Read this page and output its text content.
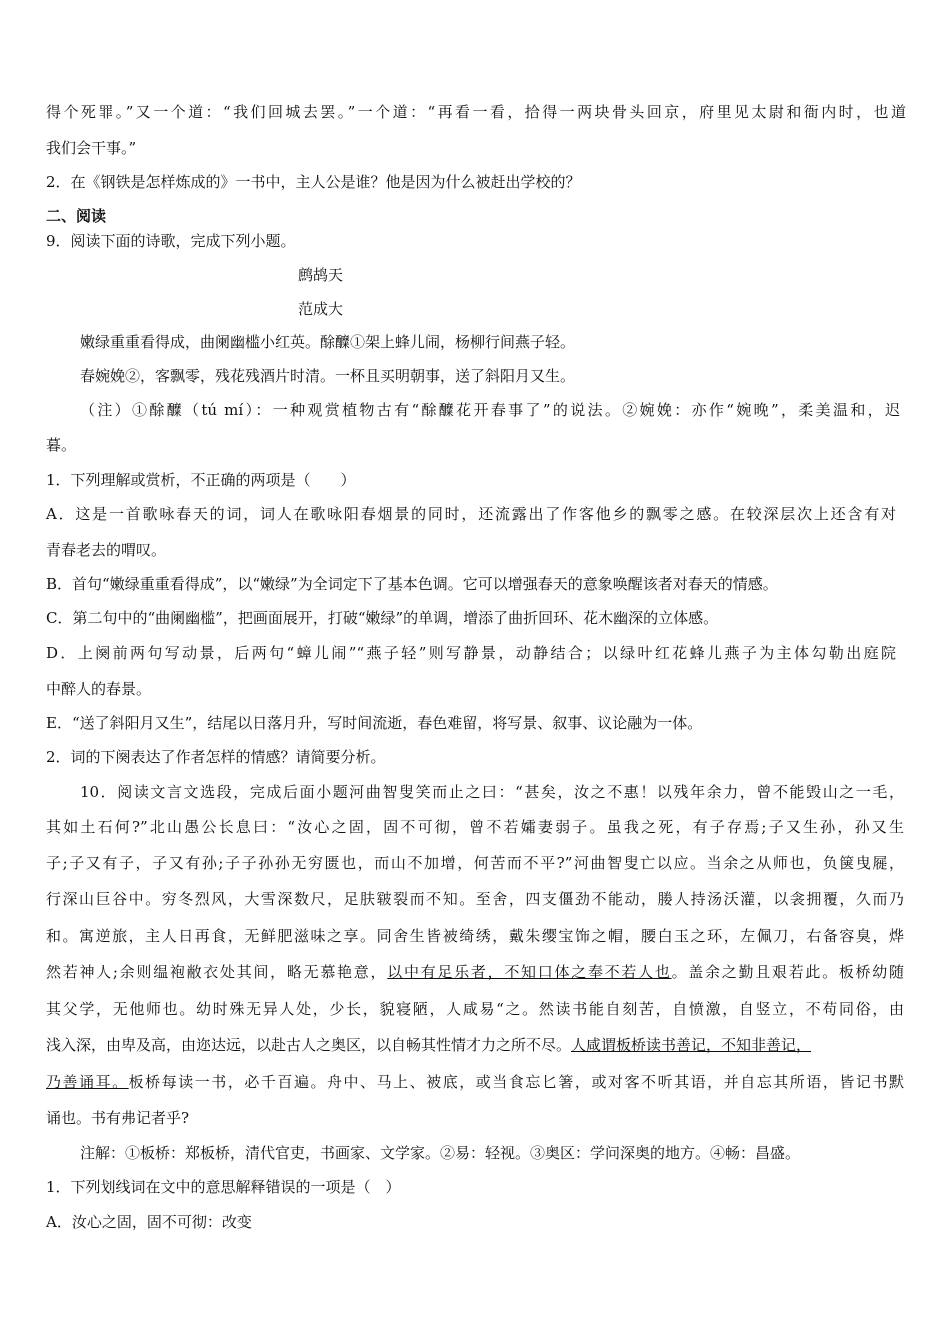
得个死罪。”又一个道：“我们回城去罢。”一个道：“再看一看，拾得一两块骨头回京，府里见太尉和衙内时，也道
我们会干事。”
2．在《钢铁是怎样炼成的》一书中，主人公是谁？他是因为什么被赶出学校的？
二、阅读
9．阅读下面的诗歌，完成下列小题。
鹧鸪天
范成大
嫩绿重重看得成，曲阑幽槛小红英。酴醾①架上蜂儿闹，杨柳行间燕子轻。
春婉娩②，客飘零，残花残酒片时清。一杯且买明朝事，送了斜阳月又生。
（注）①酴醾（tú mí）：一种观赏植物古有“酴醾花开春事了”的说法。②婉娩：亦作“婉晚”，柔美温和，迟
暮。
1．下列理解或赏析，不正确的两项是（　　）
A．这是一首歌咏春天的词，词人在歌咏阳春烟景的同时，还流露出了作客他乡的飘零之感。在较深层次上还含有对
青春老去的喟叹。
B．首句“嫩绿重重看得成”，以“嫩绿”为全词定下了基本色调。它可以增强春天的意象唤醒该者对春天的情感。
C．第二句中的“曲阑幽槛”，把画面展开，打破“嫩绿”的单调，增添了曲折回环、花木幽深的立体感。
D．上阕前两句写动景，后两句“蟑儿闹”“燕子轻”则写静景，动静结合；以绿叶红花蜂儿燕子为主体勾勒出庭院
中醉人的春景。
E．“送了斜阳月又生”，结尾以日落月升，写时间流逝，春色难留，将写景、叙事、议论融为一体。
2．词的下阕表达了作者怎样的情感？请简要分析。
10．阅读文言文选段，完成后面小题河曲智叟笑而止之曰：“甚矣，汝之不惠！以残年余力，曾不能毁山之一毛，
其如土石何?”北山愚公长息曰：“汝心之固，固不可彻，曾不若孀妻弱子。虽我之死，有子存焉;子又生孙，孙又生
子;子又有子，子又有孙;子子孙孙无穷匮也，而山不加增，何苦而不平?”河曲智叟亡以应。当余之从师也，负箧曳屣，
行深山巨谷中。穷冬烈风，大雪深数尺，足肤皲裂而不知。至舍，四支僵劲不能动，媵人持汤沃灌，以衾拥覆，久而乃
和。寓逆旅，主人日再食，无鲜肥滋味之享。同舍生皆被绮绣，戴朱缨宝饰之帽，腰白玉之环，左佩刀，右备容臭，烨
然若神人;余则缊袍敝衣处其间，略无慕艳意，以中有足乐者，不知口体之奉不若人也。盖余之勤且艰若此。板桥幼随
其父学，无他师也。幼时殊无异人处，少长，貌寝陋，人咸易“之。然读书能自刻苦，自愤激，自竖立，不苟同俗，由
浅入深，由卑及高，由迩达远，以赴古人之奥区，以自畅其性情才力之所不尽。人咸谓板桥读书善记，不知非善记，
乃善诵耳。板桥每读一书，必千百遍。舟中、马上、被底，或当食忘匕箸，或对客不听其语，并自忘其所语，皆记书默
诵也。书有弗记者乎?
注解：①板桥：郑板桥，清代官吏，书画家、文学家。②易：轻视。③奥区：学问深奥的地方。④畅：昌盛。
1．下列划线词在文中的意思解释错误的一项是（　）
A．汝心之固，固不可彻：改变
